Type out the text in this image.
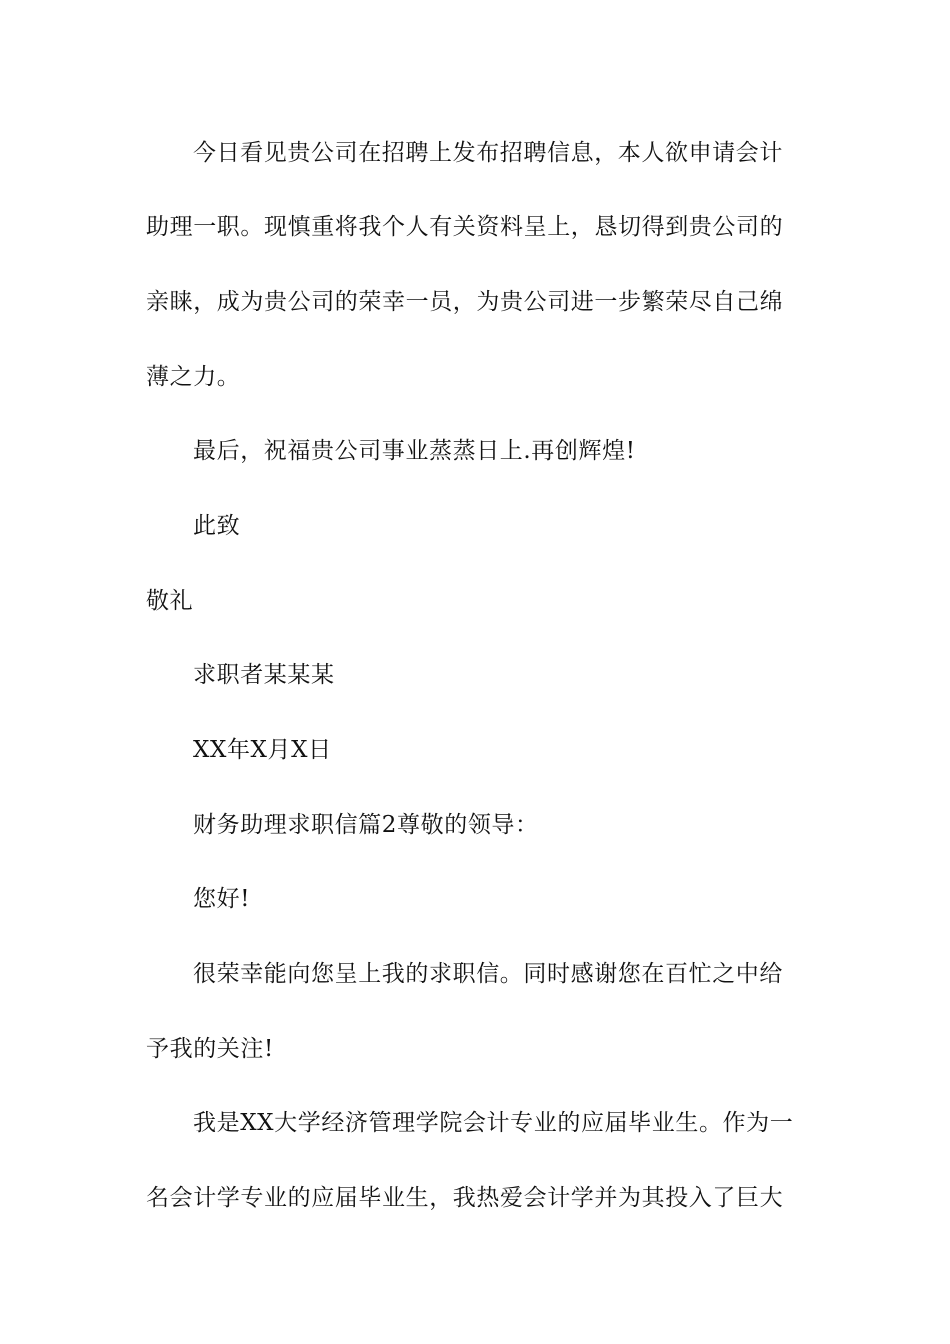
今日看见贵公司在招聘上发布招聘信息，本人欲申请会计
助理一职。现慎重将我个人有关资料呈上，恳切得到贵公司的
亲睐，成为贵公司的荣幸一员，为贵公司进一步繁荣尽自己绵
薄之力。
最后，祝福贵公司事业蒸蒸日上.再创辉煌!
此致
敬礼
求职者某某某
XX年X月X日
财务助理求职信篇2尊敬的领导：
您好!
很荣幸能向您呈上我的求职信。同时感谢您在百忙之中给
予我的关注!
我是XX大学经济管理学院会计专业的应届毕业生。作为一
名会计学专业的应届毕业生，我热爱会计学并为其投入了巨大
